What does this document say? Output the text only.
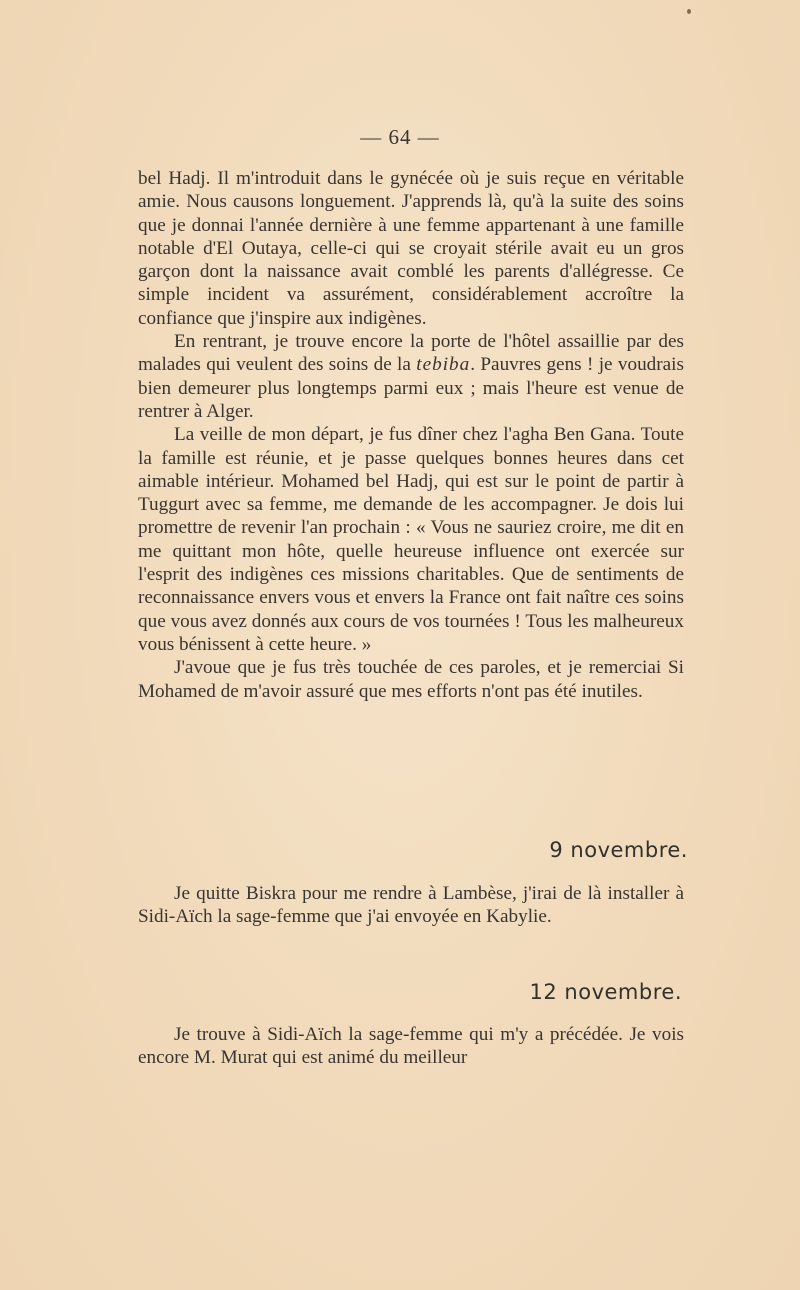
— 64 —

bel Hadj. Il m'introduit dans le gynécée où je suis reçue en véritable amie. Nous causons longuement. J'apprends là, qu'à la suite des soins que je donnai l'année dernière à une femme appartenant à une famille notable d'El Outaya, celle-ci qui se croyait stérile avait eu un gros garçon dont la naissance avait comblé les parents d'allégresse. Ce simple incident va assurément, considérablement accroître la confiance que j'inspire aux indigènes.

En rentrant, je trouve encore la porte de l'hôtel assaillie par des malades qui veulent des soins de la tebiba. Pauvres gens ! je voudrais bien demeurer plus longtemps parmi eux ; mais l'heure est venue de rentrer à Alger.

La veille de mon départ, je fus dîner chez l'agha Ben Gana. Toute la famille est réunie, et je passe quelques bonnes heures dans cet aimable intérieur. Mohamed bel Hadj, qui est sur le point de partir à Tuggurt avec sa femme, me demande de les accompagner. Je dois lui promettre de revenir l'an prochain : « Vous ne sauriez croire, me dit en me quittant mon hôte, quelle heureuse influence ont exercée sur l'esprit des indigènes ces missions charitables. Que de sentiments de reconnaissance envers vous et envers la France ont fait naître ces soins que vous avez donnés aux cours de vos tournées ! Tous les malheureux vous bénissent à cette heure. »

J'avoue que je fus très touchée de ces paroles, et je remerciai Si Mohamed de m'avoir assuré que mes efforts n'ont pas été inutiles.

9 novembre.

Je quitte Biskra pour me rendre à Lambèse, j'irai de là installer à Sidi-Aïch la sage-femme que j'ai envoyée en Kabylie.

12 novembre.

Je trouve à Sidi-Aïch la sage-femme qui m'y a précédée. Je vois encore M. Murat qui est animé du meilleur
